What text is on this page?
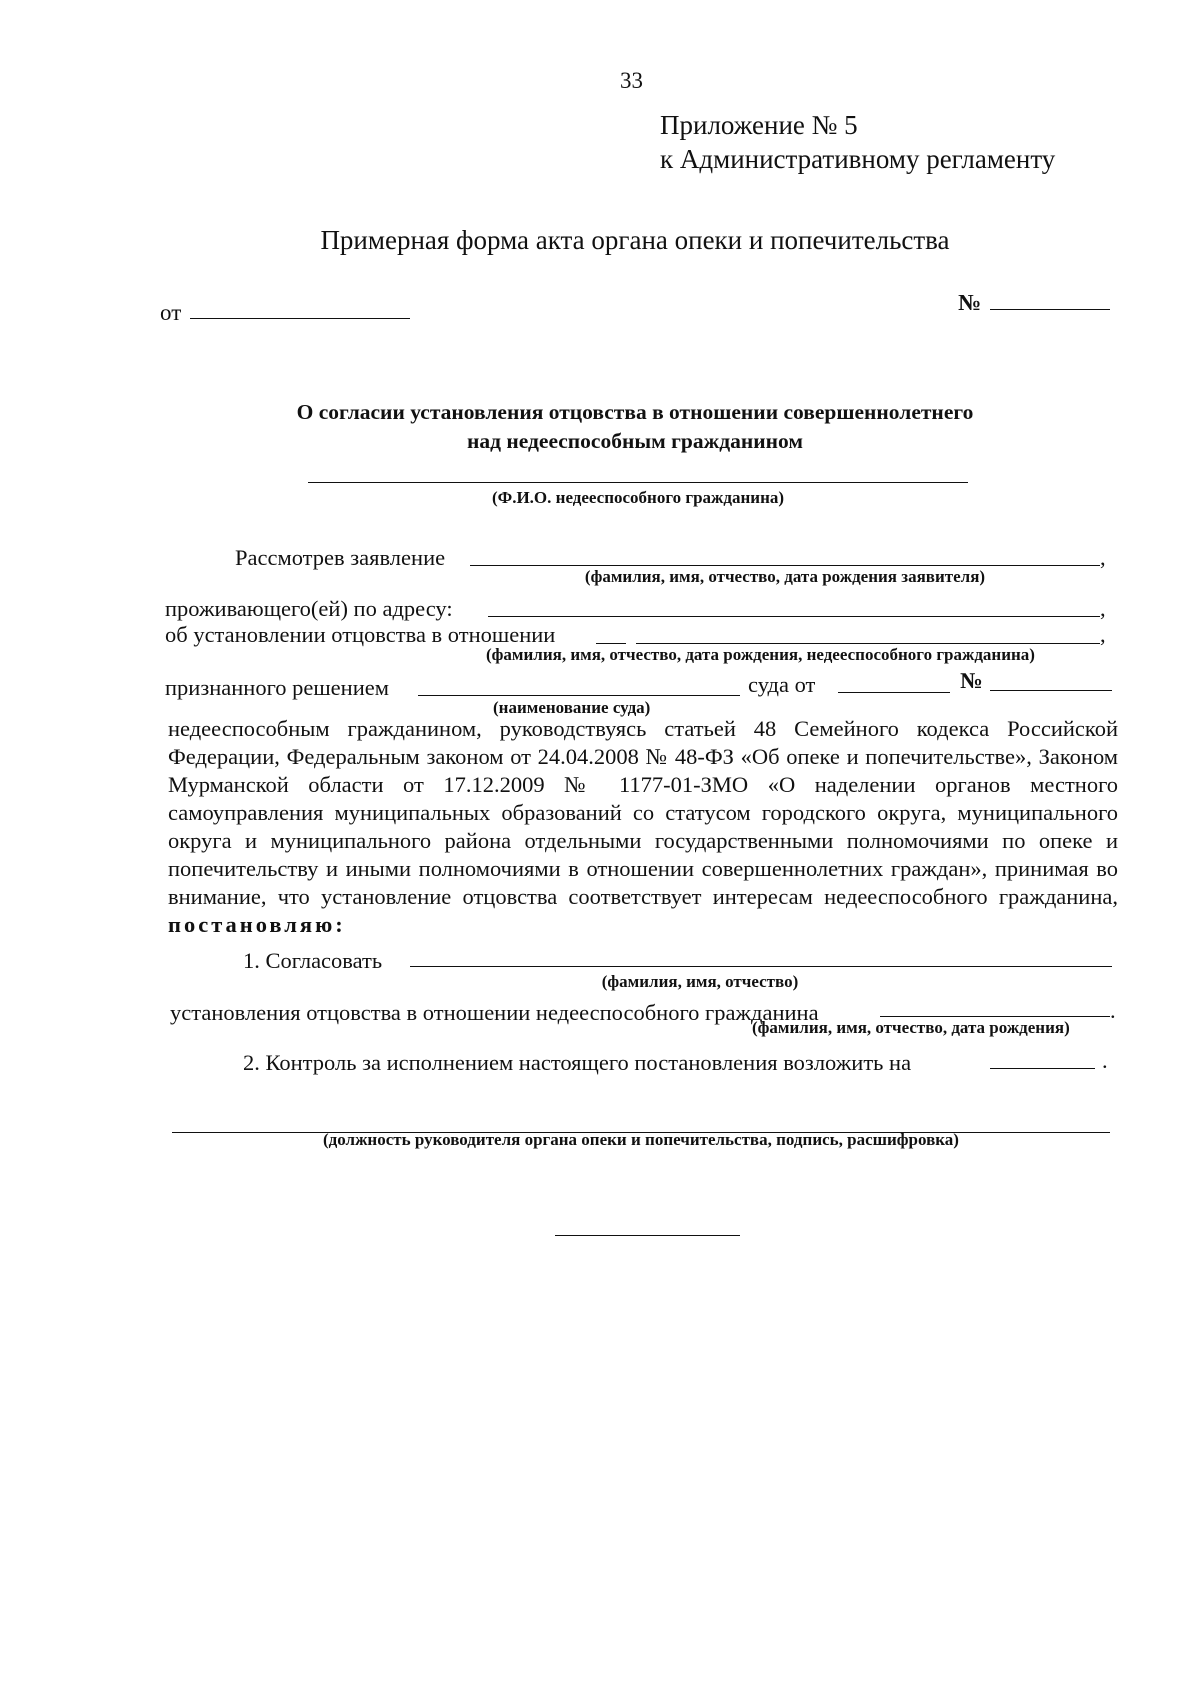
33
Приложение № 5
к Административному регламенту
Примерная форма акта органа опеки и попечительства
от	№
О согласии установления отцовства в отношении совершеннолетнего
над недееспособным гражданином
(Ф.И.О. недееспособного гражданина)
Рассмотрев заявление	,
(фамилия, имя, отчество, дата рождения заявителя)
проживающего(ей) по адресу:	,
об установлении отцовства в отношении	,
(фамилия, имя, отчество, дата рождения, недееспособного гражданина)
признанного решением	суда от	№
(наименование суда)
недееспособным гражданином, руководствуясь статьей 48 Семейного кодекса Российской Федерации, Федеральным законом от 24.04.2008 № 48-ФЗ «Об опеке и попечительстве», Законом Мурманской области от 17.12.2009 № 1177-01-ЗМО «О наделении органов местного самоуправления муниципальных образований со статусом городского округа, муниципального округа и муниципального района отдельными государственными полномочиями по опеке и попечительству и иными полномочиями в отношении совершеннолетних граждан», принимая во внимание, что установление отцовства соответствует интересам недееспособного гражданина, постановляю:
1. Согласовать
(фамилия, имя, отчество)
установления отцовства в отношении недееспособного гражданина	.
(фамилия, имя, отчество, дата рождения)
2. Контроль за исполнением настоящего постановления возложить на	.
(должность руководителя органа опеки и попечительства, подпись, расшифровка)
